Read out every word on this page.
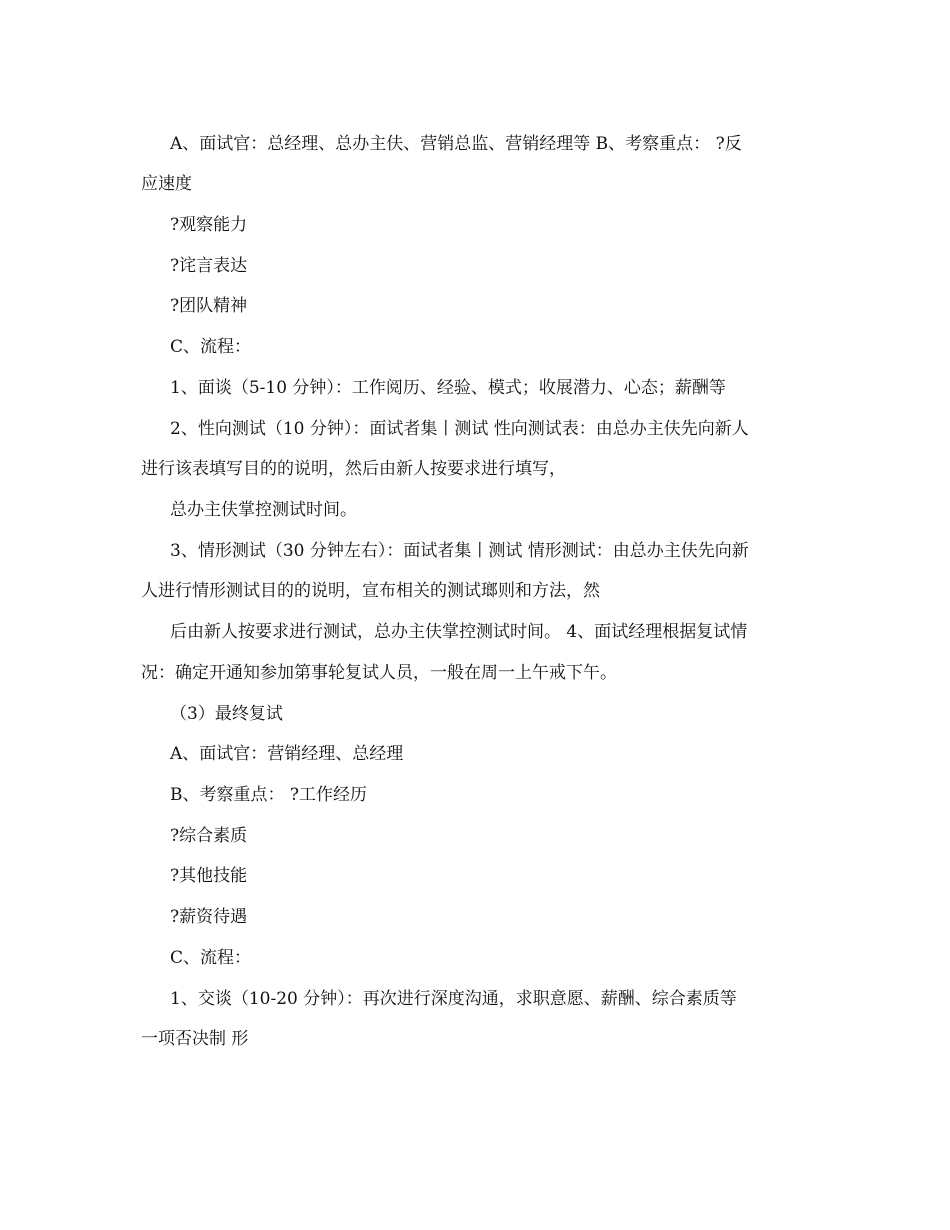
A、面试官：总经理、总办主伕、营销总监、营销经理等 B、考察重点： ?反
应速度
?观察能力
?诧言表达
?团队精神
C、流程：
1、面谈（5-10 分钟）：工作阅历、经验、模式；收展潜力、心态；薪酬等
2、性向测试（10 分钟）：面试者集丨测试 性向测试表：由总办主伕先向新人
进行该表填写目的的说明，然后由新人按要求进行填写，
总办主伕掌控测试时间。
3、情形测试（30 分钟左右）：面试者集丨测试 情形测试：由总办主伕先向新
人进行情形测试目的的说明，宣布相关的测试瑯则和方法，然
后由新人按要求进行测试，总办主伕掌控测试时间。 4、面试经理根据复试情
况：确定开通知参加第事轮复试人员，一般在周一上午戒下午。
（3）最终复试
A、面试官：营销经理、总经理
B、考察重点： ?工作经历
?综合素质
?其他技能
?薪资待遇
C、流程：
1、交谈（10-20 分钟）：再次进行深度沟通，求职意愿、薪酬、综合素质等
一项否决制 形
